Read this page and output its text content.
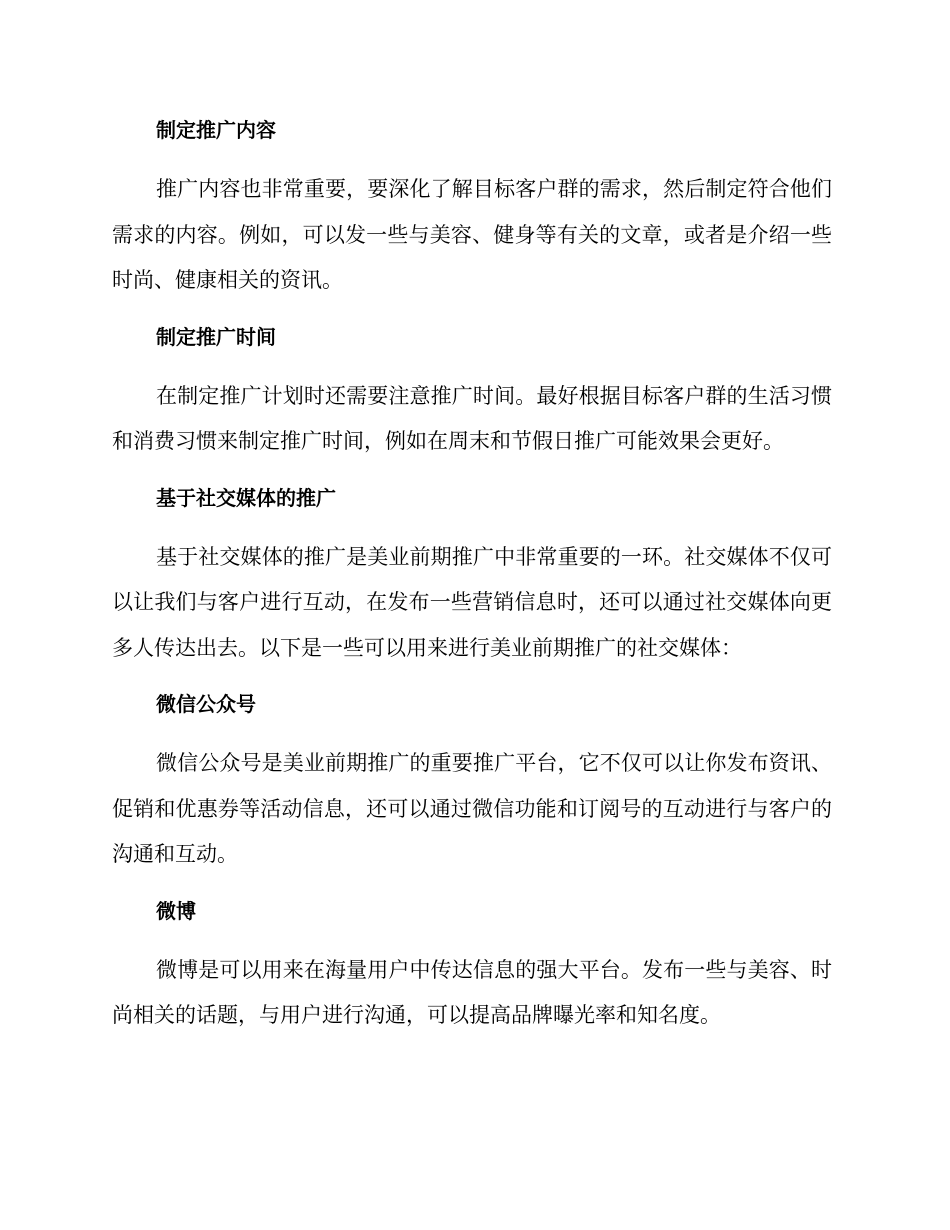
制定推广内容

推广内容也非常重要，要深化了解目标客户群的需求，然后制定符合他们需求的内容。例如，可以发一些与美容、健身等有关的文章，或者是介绍一些时尚、健康相关的资讯。

制定推广时间

在制定推广计划时还需要注意推广时间。最好根据目标客户群的生活习惯和消费习惯来制定推广时间，例如在周末和节假日推广可能效果会更好。

基于社交媒体的推广

基于社交媒体的推广是美业前期推广中非常重要的一环。社交媒体不仅可以让我们与客户进行互动，在发布一些营销信息时，还可以通过社交媒体向更多人传达出去。以下是一些可以用来进行美业前期推广的社交媒体：

微信公众号

微信公众号是美业前期推广的重要推广平台，它不仅可以让你发布资讯、促销和优惠券等活动信息，还可以通过微信功能和订阅号的互动进行与客户的沟通和互动。

微博

微博是可以用来在海量用户中传达信息的强大平台。发布一些与美容、时尚相关的话题，与用户进行沟通，可以提高品牌曝光率和知名度。
